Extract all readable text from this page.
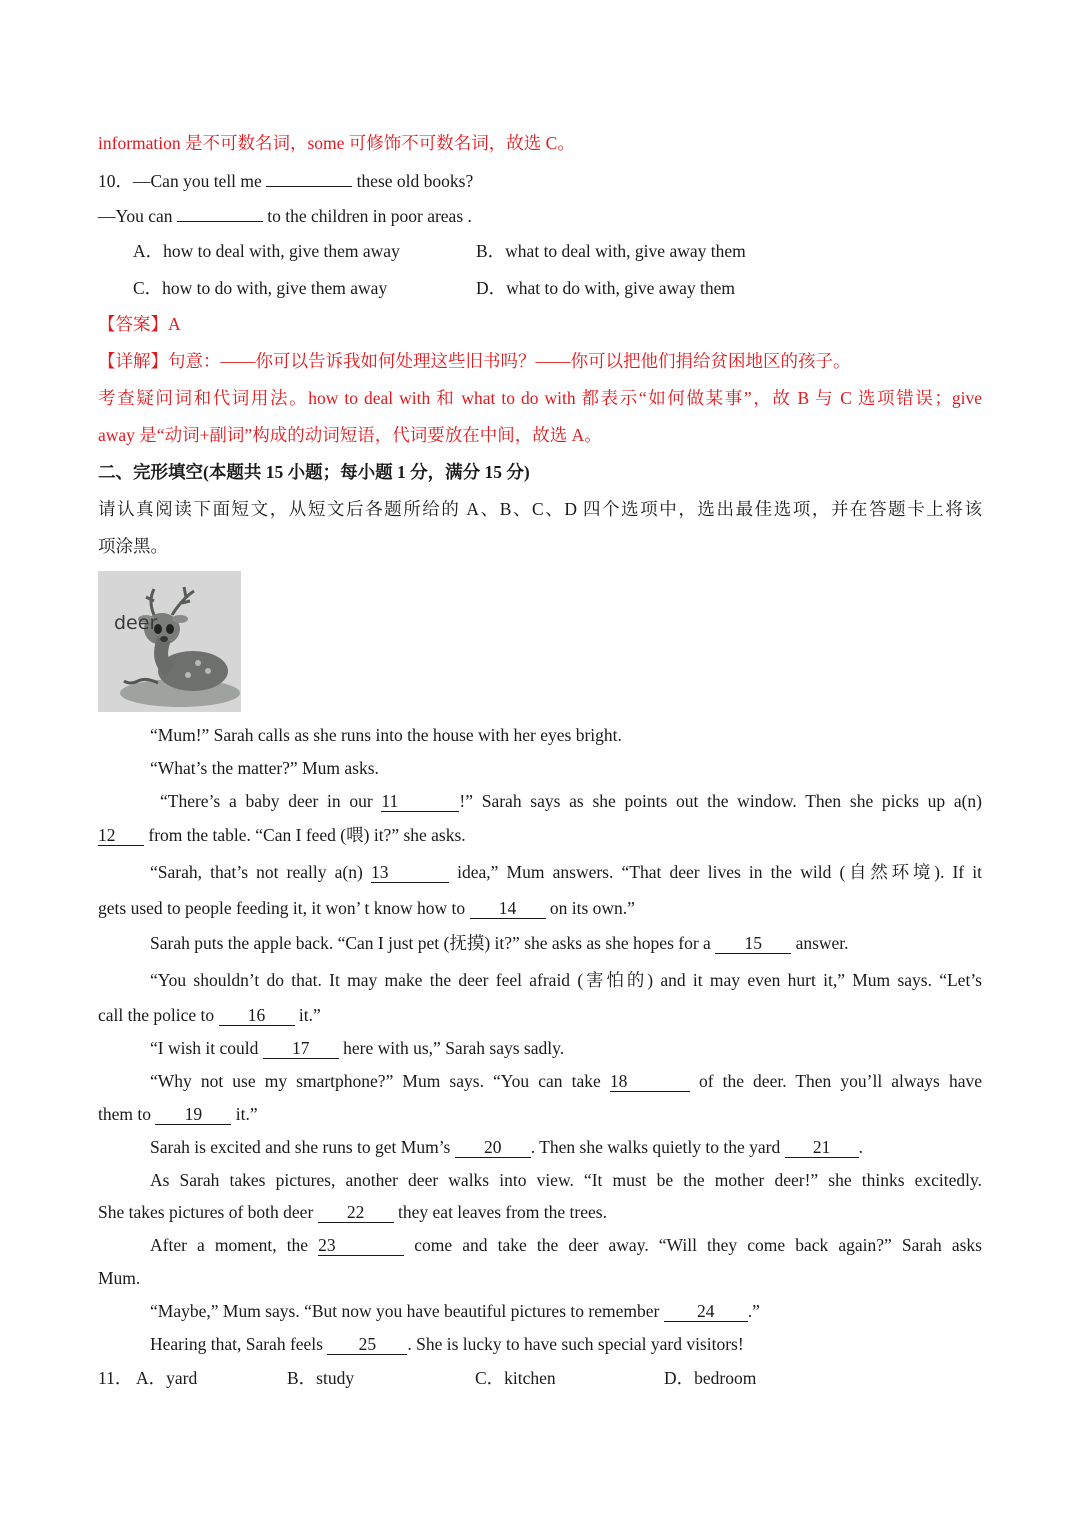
information 是不可数名词，some 可修饰不可数名词，故选 C。
10．—Can you tell me	these old books?
—You can	to the children in poor areas .
A．how to deal with, give them away	B．what to deal with, give away them
C．how to do with, give them away	D．what to do with, give away them
【答案】A
【详解】句意：——你可以告诉我如何处理这些旧书吗？——你可以把他们捐给贫困地区的孩子。
考查疑问词和代词用法。how to deal with 和 what to do with 都表示“如何做某事”，故 B 与 C 选项错误；give
away 是“动词+副词”构成的动词短语，代词要放在中间，故选 A。
二、完形填空(本题共 15 小题；每小题 1 分，满分 15 分)
请认真阅读下面短文，从短文后各题所给的 A、B、C、D 四个选项中，选出最佳选项，并在答题卡上将该
项涂黑。
deer
“Mum!” Sarah calls as she runs into the house with her eyes bright.
“What’s the matter?” Mum asks.
“There’s a baby deer in our 11	!” Sarah says as she points out the window. Then she picks up a(n)
12 from the table. “Can I feed (喂) it?” she asks.
“Sarah, that’s not really a(n) 13	idea,” Mum answers. “That deer lives in the wild (自然环境). If it
gets used to people feeding it, it won’ t know how to 14 on its own.”
Sarah puts the apple back. “Can I just pet (抚摸) it?” she asks as she hopes for a 15 answer.
“You shouldn’t do that. It may make the deer feel afraid (害怕的) and it may even hurt it,” Mum says. “Let’s
call the police to 16 it.”
“I wish it could 17 here with us,” Sarah says sadly.
“Why not use my smartphone?” Mum says. “You can take 18	of the deer. Then you’ll always have
them to 19 it.”
Sarah is excited and she runs to get Mum’s 20 . Then she walks quietly to the yard 21 .
As Sarah takes pictures, another deer walks into view. “It must be the mother deer!” she thinks excitedly.
She takes pictures of both deer 22 they eat leaves from the trees.
After a moment, the 23	come and take the deer away. “Will they come back again?” Sarah asks
Mum.
“Maybe,” Mum says. “But now you have beautiful pictures to remember 24 .”
Hearing that, Sarah feels 25 . She is lucky to have such special yard visitors!
11． A．yard	B．study	C．kitchen	D．bedroom
